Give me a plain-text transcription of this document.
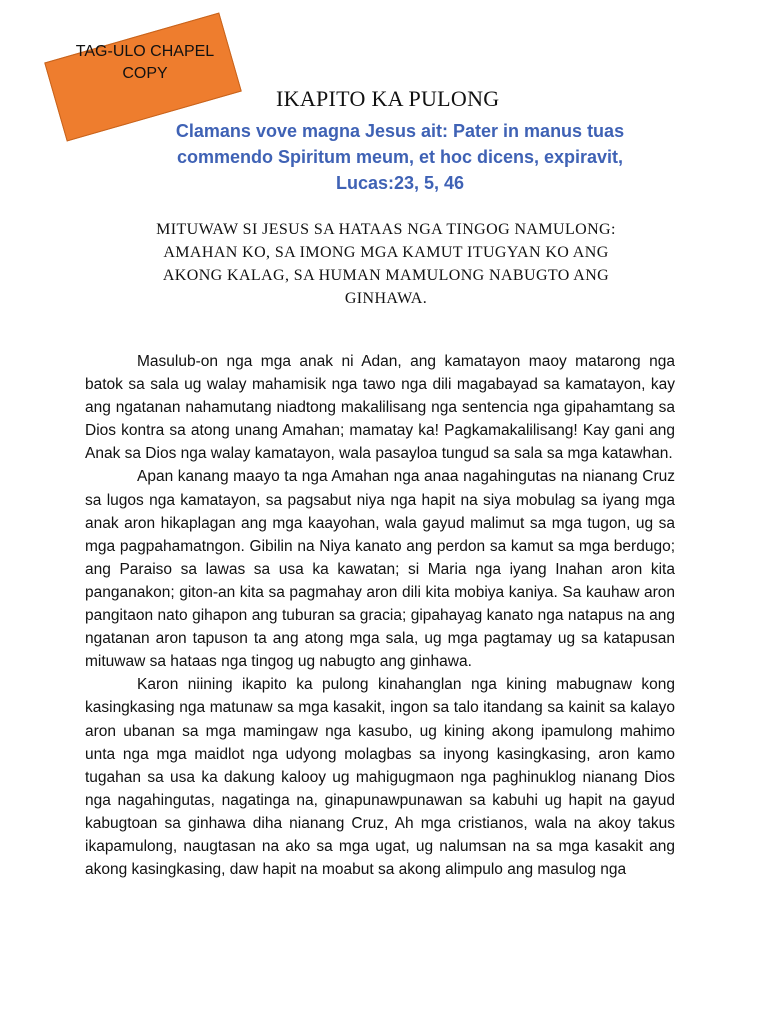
TAG-ULO CHAPEL
COPY
IKAPITO KA PULONG
Clamans vove magna Jesus ait: Pater in manus tuas
commendo Spiritum meum, et hoc dicens, expiravit,
Lucas:23, 5, 46
MITUWAW SI JESUS SA HATAAS NGA TINGOG NAMULONG:
AMAHAN KO, SA IMONG MGA KAMUT ITUGYAN KO ANG
AKONG KALAG, SA HUMAN MAMULONG NABUGTO ANG
GINHAWA.

Masulub-on nga mga anak ni Adan, ang kamatayon maoy matarong nga batok sa sala ug walay mahamisik nga tawo nga dili magabayad sa kamatayon, kay ang ngatanan nahamutang niadtong makalilisang nga sentencia nga gipahamtang sa Dios kontra sa atong unang Amahan; mamatay ka! Pagkamakalilisang! Kay gani ang Anak sa Dios nga walay kamatayon, wala pasayloa tungud sa sala sa mga katawhan.

Apan kanang maayo ta nga Amahan nga anaa nagahingutas na nianang Cruz sa lugos nga kamatayon, sa pagsabut niya nga hapit na siya mobulag sa iyang mga anak aron hikaplagan ang mga kaayohan, wala gayud malimut sa mga tugon, ug sa mga pagpahamatngon. Gibilin na Niya kanato ang perdon sa kamut sa mga berdugo; ang Paraiso sa lawas sa usa ka kawatan; si Maria nga iyang Inahan aron kita panganakon; giton-an kita sa pagmahay aron dili kita mobiya kaniya. Sa kauhaw aron pangitaon nato gihapon ang tuburan sa gracia; gipahayag kanato nga natapus na ang ngatanan aron tapuson ta ang atong mga sala, ug mga pagtamay ug sa katapusan mituwaw sa hataas nga tingog ug nabugto ang ginhawa.

Karon niining ikapito ka pulong kinahanglan nga kining mabugnaw kong kasingkasing nga matunaw sa mga kasakit, ingon sa talo itandang sa kainit sa kalayo aron ubanan sa mga mamingaw nga kasubo, ug kining akong ipamulong mahimo unta nga mga maidlot nga udyong molagbas sa inyong kasingkasing, aron kamo tugahan sa usa ka dakung kalooy ug mahigugmaon nga paghinuklog nianang Dios nga nagahingutas, nagatinga na, ginapunawpunawan sa kabuhi ug hapit na gayud kabugtoan sa ginhawa diha nianang Cruz, Ah mga cristianos, wala na akoy takus ikapamulong, naugtasan na ako sa mga ugat, ug nalumsan na sa mga kasakit ang akong kasingkasing, daw hapit na moabut sa akong alimpulo ang masulog nga
